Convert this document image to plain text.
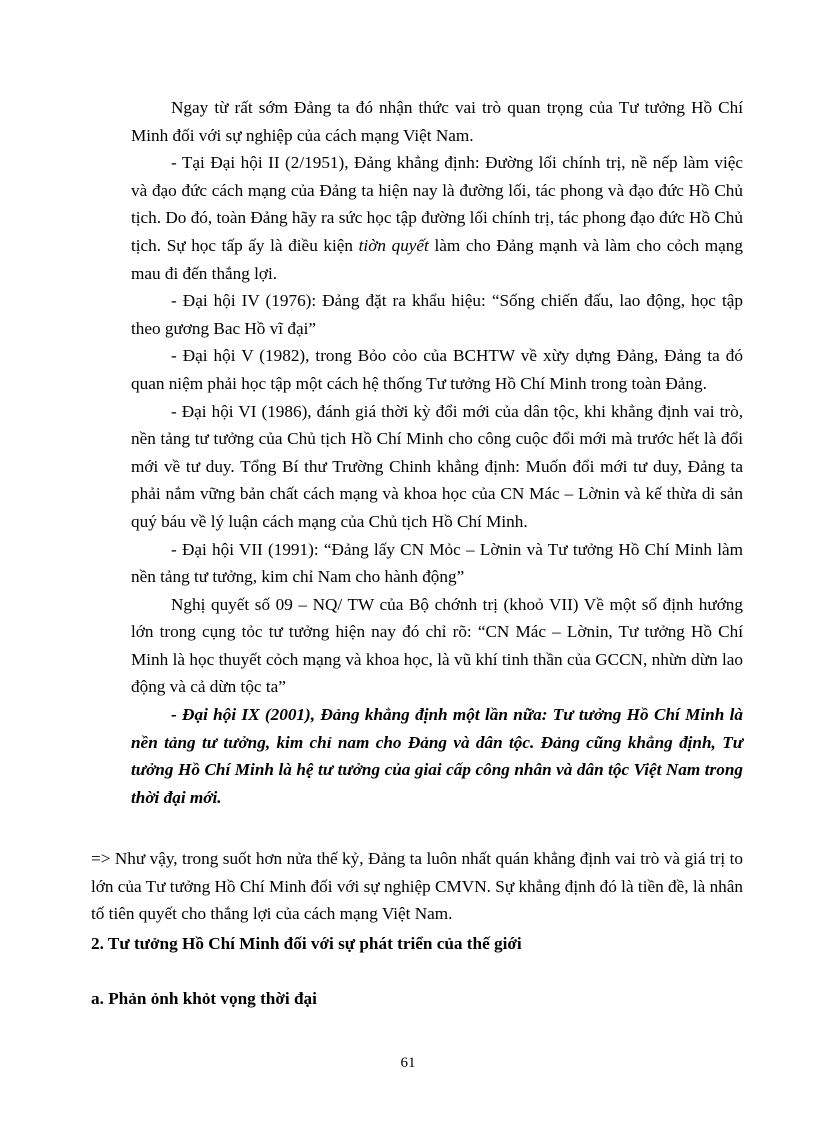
Ngay từ rất sớm Đảng ta đó nhận thức vai trò quan trọng của Tư tưởng Hồ Chí Minh đối với sự nghiệp của cách mạng Việt Nam.

- Tại Đại hội II (2/1951), Đảng khẳng định: Đường lối chính trị, nề nếp làm việc và đạo đức cách mạng của Đảng ta hiện nay là đường lối, tác phong và đạo đức Hồ Chủ tịch. Do đó, toàn Đảng hãy ra sức học tập đường lối chính trị, tác phong đạo đức Hồ Chủ tịch. Sự học tấp ấy là điều kiện tiờn quyết làm cho Đảng mạnh và làm cho cỏch mạng mau đi đến thắng lợi.

- Đại hội IV (1976): Đảng đặt ra khẩu hiệu: “Sống chiến đấu, lao động, học tập theo gương Bac Hồ vĩ đại”

- Đại hội V (1982), trong Bỏo cỏo của BCHTW về xừy dựng Đảng, Đảng ta đó quan niệm phải học tập một cách hệ thống Tư tưởng Hồ Chí Minh trong toàn Đảng.

- Đại hội VI (1986), đánh giá thời kỳ đổi mới của dân tộc, khi khẳng định vai trò, nền tảng tư tưởng của Chủ tịch Hồ Chí Minh cho công cuộc đổi mới mà trước hết là đổi mới về tư duy. Tổng Bí thư Trường Chinh khẳng định: Muốn đổi mới tư duy, Đảng ta phải nắm vững bản chất cách mạng và khoa học của CN Mác – Lờnin và kế thừa di sản quý báu về lý luận cách mạng của Chủ tịch Hồ Chí Minh.

- Đại hội VII (1991): “Đảng lấy CN Mỏc – Lờnin và Tư tưởng Hồ Chí Minh làm nền tảng tư tưởng, kim chỉ Nam cho hành động”

Nghị quyết số 09 – NQ/ TW của Bộ chớnh trị (khoỏ VII) Về một số định hướng lớn trong cụng tỏc tư tưởng hiện nay đó chỉ rõ: “CN Mác – Lờnin, Tư tưởng Hồ Chí Minh là học thuyết cỏch mạng và khoa học, là vũ khí tinh thần của GCCN, nhừn dừn lao động và cả dừn tộc ta”

- Đại hội IX (2001), Đảng khẳng định một lần nữa: Tư tưởng Hồ Chí Minh là nền tảng tư tưởng, kim chỉ nam cho Đảng và dân tộc. Đảng cũng khẳng định, Tư tưởng Hồ Chí Minh là hệ tư tưởng của giai cấp công nhân và dân tộc Việt Nam trong thời đại mới.

=> Như vậy, trong suốt hơn nửa thế kỷ, Đảng ta luôn nhất quán khẳng định vai trò và giá trị to lớn của Tư tưởng Hồ Chí Minh đối với sự nghiệp CMVN. Sự khẳng định đó là tiền đề, là nhân tố tiên quyết cho thắng lợi của cách mạng Việt Nam.

2. Tư tưởng Hồ Chí Minh đối với sự phát triển của thế giới

a. Phản ỏnh khỏt vọng thời đại

61
